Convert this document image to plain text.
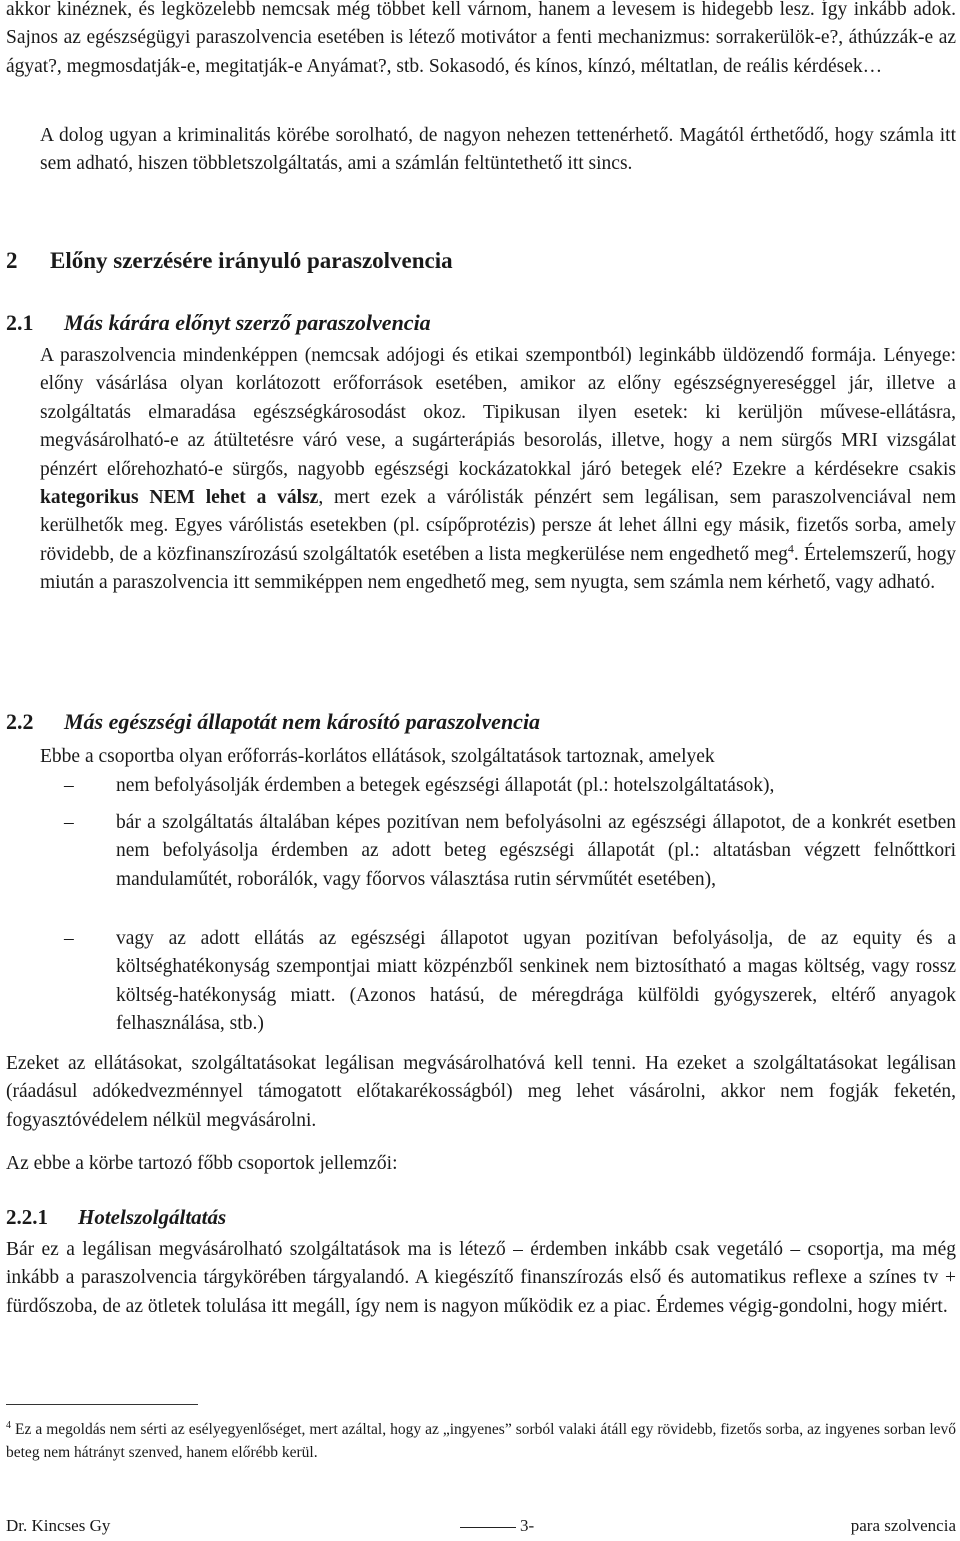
akkor kinéznek, és legközelebb nemcsak még többet kell várnom, hanem a levesem is hidegebb lesz. Így inkább adok. Sajnos az egészségügyi paraszolvencia esetében is létező motivátor a fenti mechanizmus: sorrakerülök-e?, áthúzzák-e az ágyat?, megmosdatják-e, megitatják-e Anyámat?, stb. Sokasodó, és kínos, kínzó, méltatlan, de reális kérdések…

A dolog ugyan a kriminalitás körébe sorolható, de nagyon nehezen tettenérhető. Magától érthetődő, hogy számla itt sem adható, hiszen többletszolgáltatás, ami a számlán feltüntethető itt sincs.

2 Előny szerzésére irányuló paraszolvencia
2.1 Más kárára előnyt szerző paraszolvencia

A paraszolvencia mindenképpen (nemcsak adójogi és etikai szempontból) leginkább üldözendő formája. Lényege: előny vásárlása olyan korlátozott erőforrások esetében, amikor az előny egészségnyereséggel jár, illetve a szolgáltatás elmaradása egészségkárosodást okoz. Tipikusan ilyen esetek: ki kerüljön művese-ellátásra, megvásárolható-e az átültetésre váró vese, a sugárterápiás besorolás, illetve, hogy a nem sürgős MRI vizsgálat pénzért előrehozható-e sürgős, nagyobb egészségi kockázatokkal járó betegek elé? Ezekre a kérdésekre csakis kategorikus NEM lehet a válsz, mert ezek a várólisták pénzért sem legálisan, sem paraszolvenciával nem kerülhetők meg. Egyes várólistás esetekben (pl. csípőprotézis) persze át lehet állni egy másik, fizetős sorba, amely rövidebb, de a közfinanszírozású szolgáltatók esetében a lista megkerülése nem engedhető meg$^4$. Értelemszerű, hogy miután a paraszolvencia itt semmiképpen nem engedhető meg, sem nyugta, sem számla nem kérhető, vagy adható.

2.2 Más egészségi állapotát nem károsító paraszolvencia

Ebbe a csoportba olyan erőforrás-korlátos ellátások, szolgáltatások tartoznak, amelyek

– nem befolyásolják érdemben a betegek egészségi állapotát (pl.: hotelszolgáltatások),

– bár a szolgáltatás általában képes pozitívan nem befolyásolni az egészségi állapotot, de a konkrét esetben nem befolyásolja érdemben az adott beteg egészségi állapotát (pl.: altatásban végzett felnőttkori mandulaműtét, roborálók, vagy főorvos választása rutin sérvműtét esetében),

– vagy az adott ellátás az egészségi állapotot ugyan pozitívan befolyásolja, de az equity és a költséghatékonyság szempontjai miatt közpénzből senkinek nem biztosítható a magas költség, vagy rossz költség-hatékonyság miatt. (Azonos hatású, de méregdrága külföldi gyógyszerek, eltérő anyagok felhasználása, stb.)

Ezeket az ellátásokat, szolgáltatásokat legálisan megvásárolhatóvá kell tenni. Ha ezeket a szolgáltatásokat legálisan (ráadásul adókedvezménnyel támogatott előtakarékosságból) meg lehet vásárolni, akkor nem fogják feketén, fogyasztóvédelem nélkül megvásárolni.

Az ebbe a körbe tartozó főbb csoportok jellemzői:

2.2.1 Hotelszolgáltatás

Bár ez a legálisan megvásárolható szolgáltatások ma is létező – érdemben inkább csak vegetáló – csoportja, ma még inkább a paraszolvencia tárgykörében tárgyalandó. A kiegészítő finanszírozás első és automatikus reflexe a színes tv + fürdőszoba, de az ötletek tolulása itt megáll, így nem is nagyon működik ez a piac. Érdemes végig-gondolni, hogy miért.

$^4$ Ez a megoldás nem sérti az esélyegyenlőséget, mert azáltal, hogy az „ingyenes” sorból valaki átáll egy rövidebb, fizetős sorba, az ingyenes sorban levő beteg nem hátrányt szenved, hanem előrébb kerül.

Dr. Kincses Gy	3-	para szolvencia
